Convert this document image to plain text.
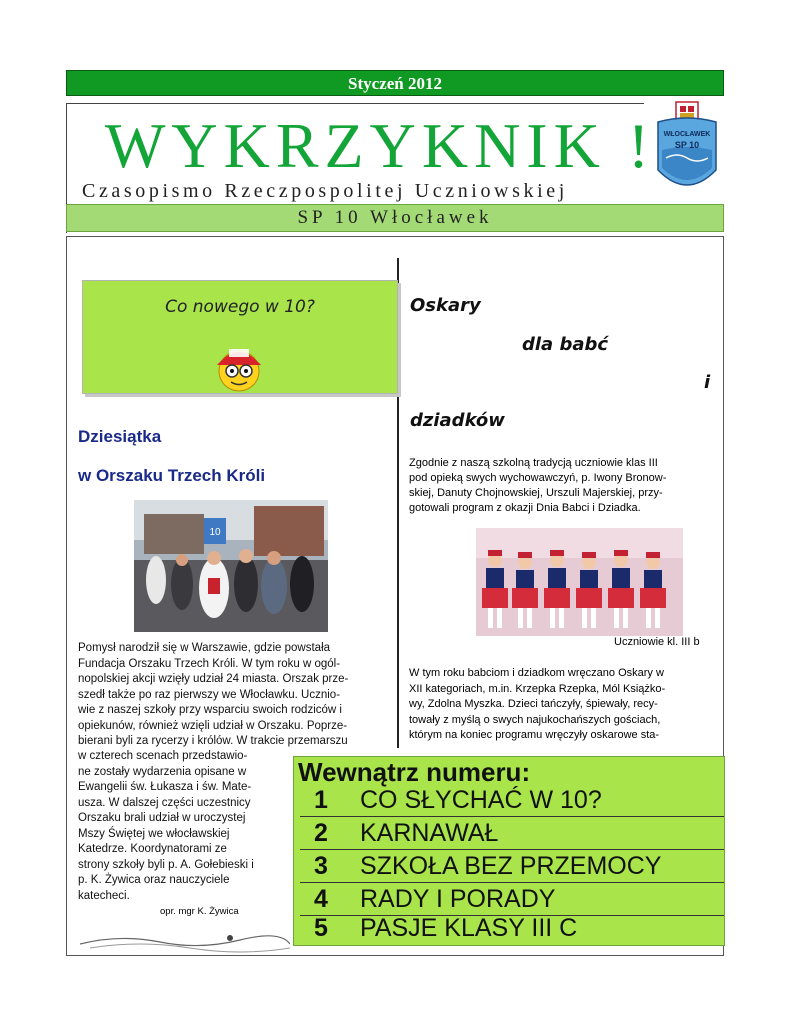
Styczeń 2012
WYKRZYKNIK !
Czasopismo Rzeczpospolitej Uczniowskiej
SP 10 Włocławek
WŁOCŁAWEK
SP 10
Co nowego w 10?
Dziesiątka
w Orszaku Trzech Króli
10
Pomysł narodził się w Warszawie, gdzie powstała
Fundacja Orszaku Trzech Króli. W tym roku w ogól-
nopolskiej akcji wzięły udział 24 miasta. Orszak prze-
szedł także po raz pierwszy we Włocławku. Ucznio-
wie z naszej szkoły przy wsparciu swoich rodziców i
opiekunów, również wzięli udział w Orszaku. Poprze-
bierani byli za rycerzy i królów. W trakcie przemarszu
w czterech scenach przedstawio-
ne zostały wydarzenia opisane w
Ewangelii św. Łukasza i św. Mate-
usza. W dalszej części uczestnicy
Orszaku brali udział w uroczystej
Mszy Świętej we włocławskiej
Katedrze. Koordynatorami ze
strony szkoły byli p. A. Gołebieski i
p. K. Żywica oraz nauczyciele
katecheci.
opr. mgr K. Żywica
Oskary
dla babć
i
dziadków
Zgodnie z naszą szkolną tradycją uczniowie klas III
pod opieką swych wychowawczyń, p. Iwony Bronow-
skiej, Danuty Chojnowskiej, Urszuli Majerskiej, przy-
gotowali program z okazji Dnia Babci i Dziadka.
Uczniowie kl. III b
W tym roku babciom i dziadkom wręczano Oskary w
XII kategoriach, m.in. Krzepka Rzepka, Mól Książko-
wy, Zdolna Myszka. Dzieci tańczyły, śpiewały, recy-
towały z myślą o swych najukochańszych gościach,
którym na koniec programu wręczyły oskarowe sta-
Wewnątrz numeru:
1	CO SŁYCHAĆ W 10?
2	KARNAWAŁ
3	SZKOŁA BEZ PRZEMOCY
4	RADY I PORADY
5	PASJE KLASY III C
